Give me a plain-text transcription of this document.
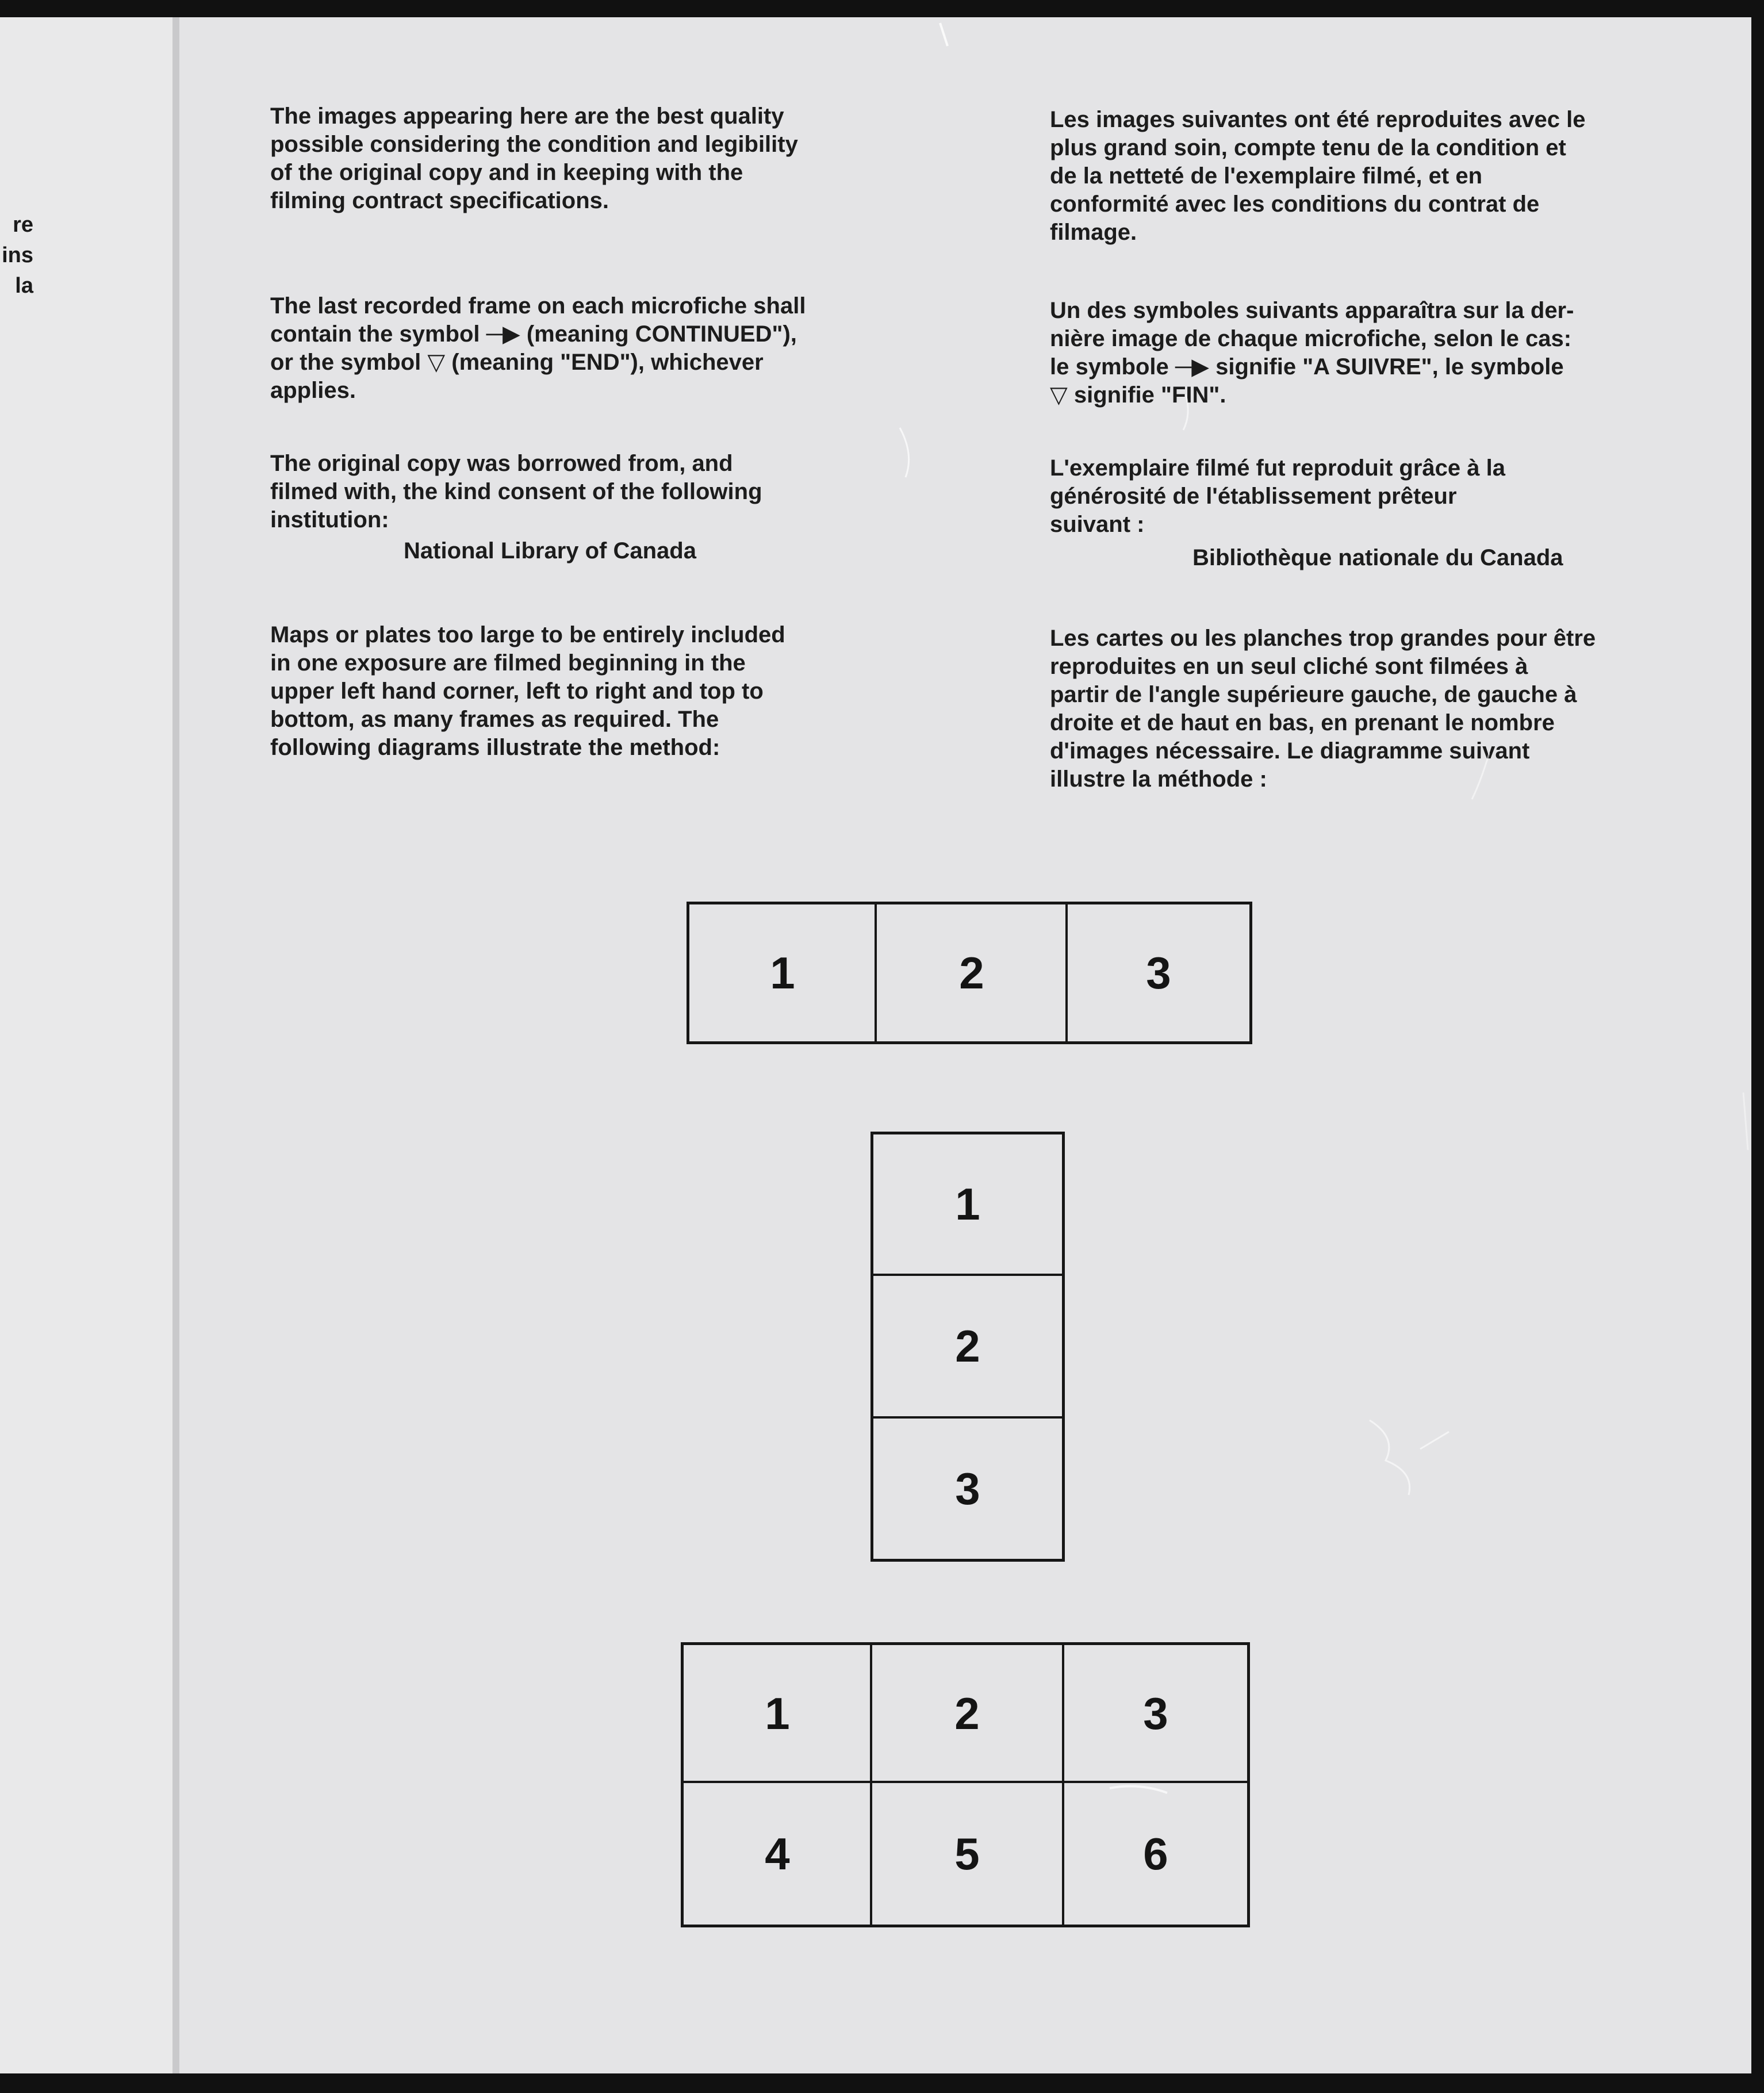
re
ins
la
The images appearing here are the best quality
possible considering the condition and legibility
of the original copy and in keeping with the
filming contract specifications.
The last recorded frame on each microfiche shall
contain the symbol ─▶ (meaning CONTINUED"),
or the symbol ▽ (meaning "END"), whichever
applies.
The original copy was borrowed from, and
filmed with, the kind consent of the following
institution:
National Library of Canada
Maps or plates too large to be entirely included
in one exposure are filmed beginning in the
upper left hand corner, left to right and top to
bottom, as many frames as required. The
following diagrams illustrate the method:
Les images suivantes ont été reproduites avec le
plus grand soin, compte tenu de la condition et
de la netteté de l'exemplaire filmé, et en
conformité avec les conditions du contrat de
filmage.
Un des symboles suivants apparaîtra sur la der-
nière image de chaque microfiche, selon le cas:
le symbole ─▶ signifie "A SUIVRE", le symbole
▽ signifie "FIN".
L'exemplaire filmé fut reproduit grâce à la
générosité de l'établissement prêteur
suivant :
Bibliothèque nationale du Canada
Les cartes ou les planches trop grandes pour être
reproduites en un seul cliché sont filmées à
partir de l'angle supérieure gauche, de gauche à
droite et de haut en bas, en prenant le nombre
d'images nécessaire. Le diagramme suivant
illustre la méthode :
1	2	3
1
2
3
1	2	3
4	5	6
